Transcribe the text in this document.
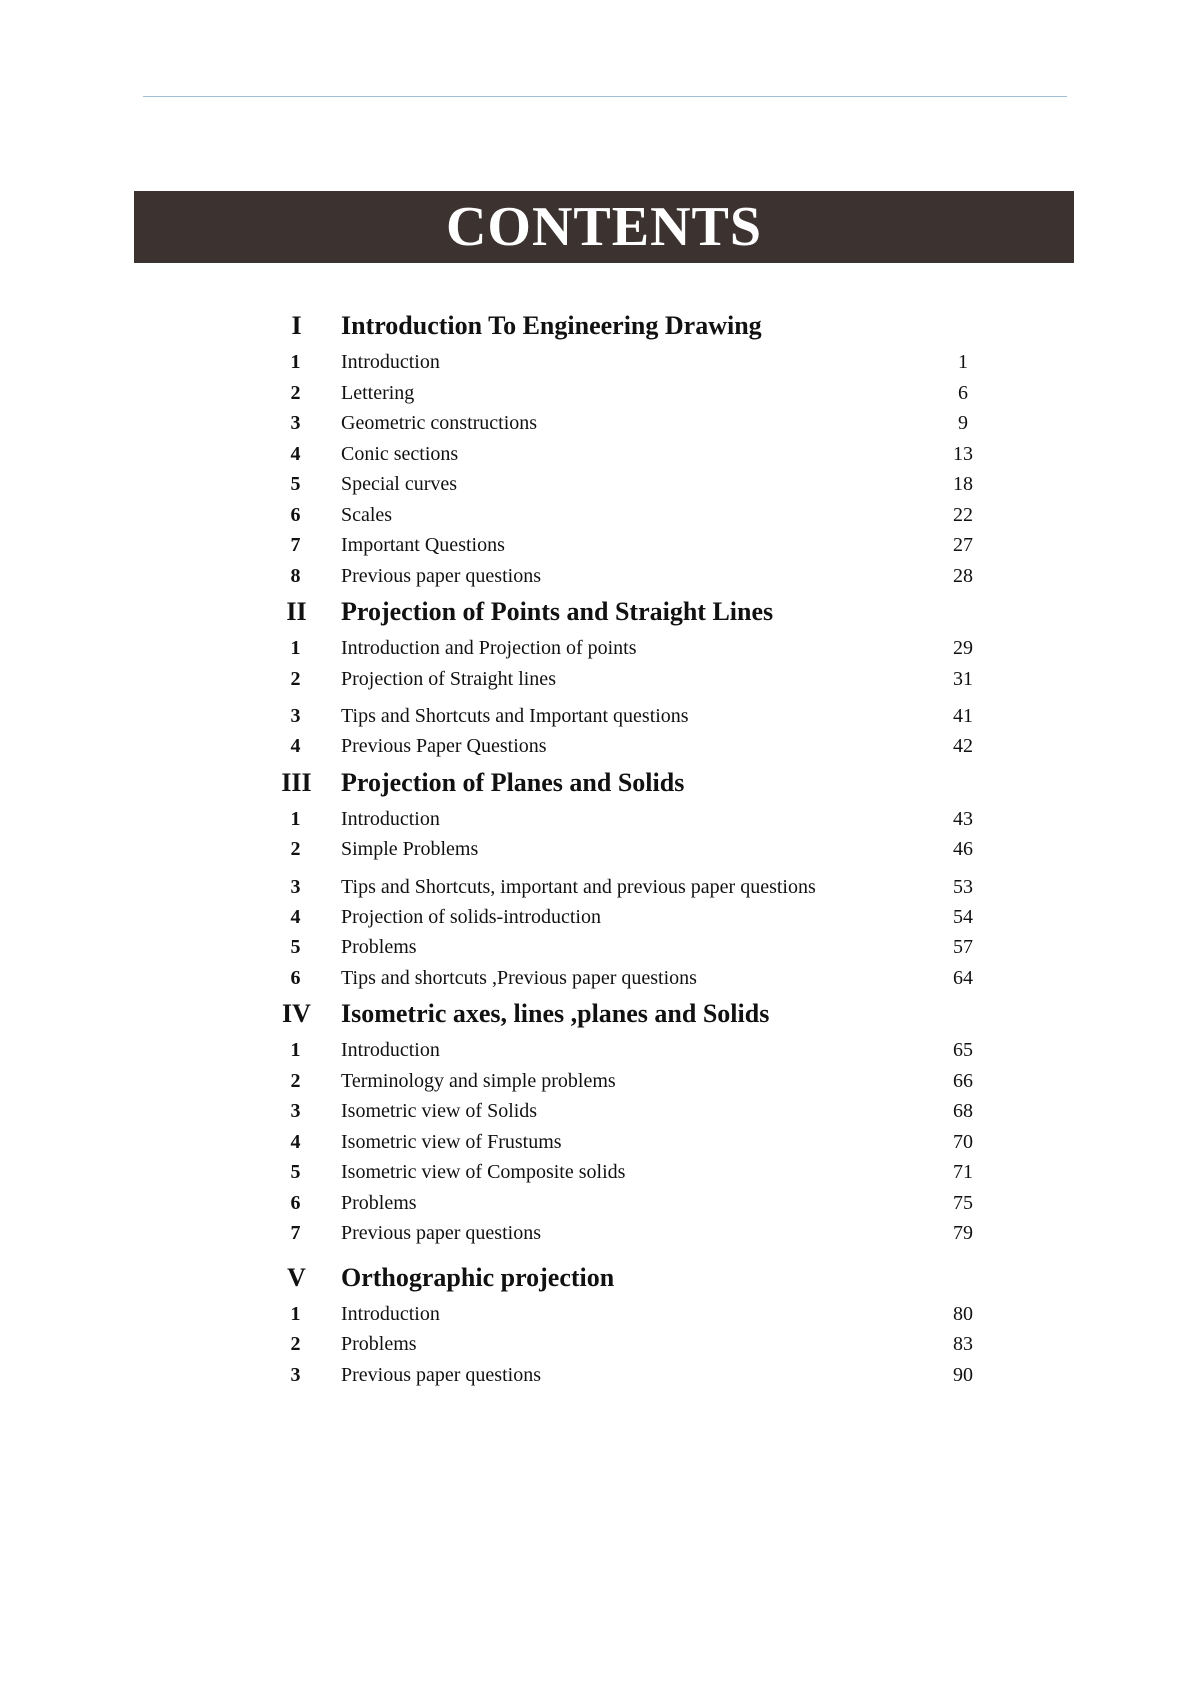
CONTENTS
I	Introduction To Engineering Drawing
1	Introduction	1
2	Lettering	6
3	Geometric constructions	9
4	Conic sections	13
5	Special curves	18
6	Scales	22
7	Important Questions	27
8	Previous paper questions	28
II	Projection of Points and Straight Lines
1	Introduction and Projection of points	29
2	Projection of Straight lines	31
3	Tips and Shortcuts and Important questions	41
4	Previous Paper Questions	42
III	Projection of Planes and Solids
1	Introduction	43
2	Simple Problems	46
3	Tips and Shortcuts, important and previous paper questions	53
4	Projection of solids-introduction	54
5	Problems	57
6	Tips and shortcuts ,Previous paper questions	64
IV	Isometric axes, lines ,planes and Solids
1	Introduction	65
2	Terminology and simple problems	66
3	Isometric view of Solids	68
4	Isometric view of Frustums	70
5	Isometric view of Composite solids	71
6	Problems	75
7	Previous paper questions	79
V	Orthographic projection
1	Introduction	80
2	Problems	83
3	Previous paper questions	90
